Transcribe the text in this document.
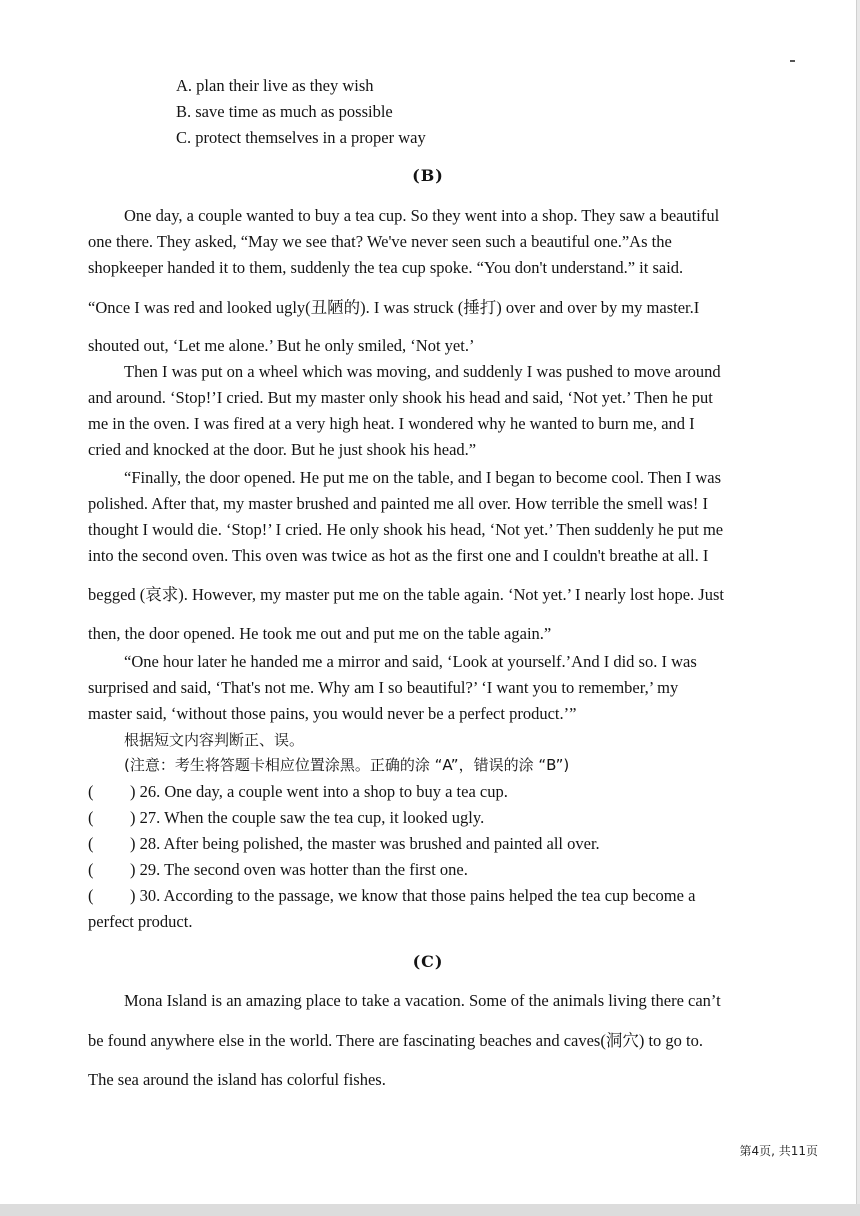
A. plan their live as they wish
B. save time as much as possible
C. protect themselves in a proper way
(B)
One day, a couple wanted to buy a tea cup. So they went into a shop. They saw a beautiful
one there. They asked, “May we see that? We've never seen such a beautiful one.”As the
shopkeeper handed it to them, suddenly the tea cup spoke. “You don't understand.” it said.
“Once I was red and looked ugly(丑陋的). I was struck (捶打) over and over by my master.I
shouted out, ‘Let me alone.’ But he only smiled, ‘Not yet.’
Then I was put on a wheel which was moving, and suddenly I was pushed to move around
and around. ‘Stop!’I cried. But my master only shook his head and said, ‘Not yet.’ Then he put
me in the oven. I was fired at a very high heat. I wondered why he wanted to burn me, and I
cried and knocked at the door. But he just shook his head.”
“Finally, the door opened. He put me on the table, and I began to become cool. Then I was
polished. After that, my master brushed and painted me all over. How terrible the smell was! I
thought I would die. ‘Stop!’ I cried. He only shook his head, ‘Not yet.’ Then suddenly he put me
into the second oven. This oven was twice as hot as the first one and I couldn't breathe at all. I
begged (哀求). However, my master put me on the table again. ‘Not yet.’ I nearly lost hope. Just
then, the door opened. He took me out and put me on the table again.”
“One hour later he handed me a mirror and said, ‘Look at yourself.’And I did so. I was
surprised and said, ‘That's not me. Why am I so beautiful?’ ‘I want you to remember,’ my
master said, ‘without those pains, you would never be a perfect product.’”
根据短文内容判断正、误。
(注意：考生将答题卡相应位置涂黑。正确的涂 “A”，错误的涂 “B”)
( ) 26. One day, a couple went into a shop to buy a tea cup.
( ) 27. When the couple saw the tea cup, it looked ugly.
( ) 28. After being polished, the master was brushed and painted all over.
( ) 29. The second oven was hotter than the first one.
( ) 30. According to the passage, we know that those pains helped the tea cup become a
perfect product.
(C)
Mona Island is an amazing place to take a vacation. Some of the animals living there can’t
be found anywhere else in the world. There are fascinating beaches and caves(洞穴) to go to.
The sea around the island has colorful fishes.
第4页, 共11页
